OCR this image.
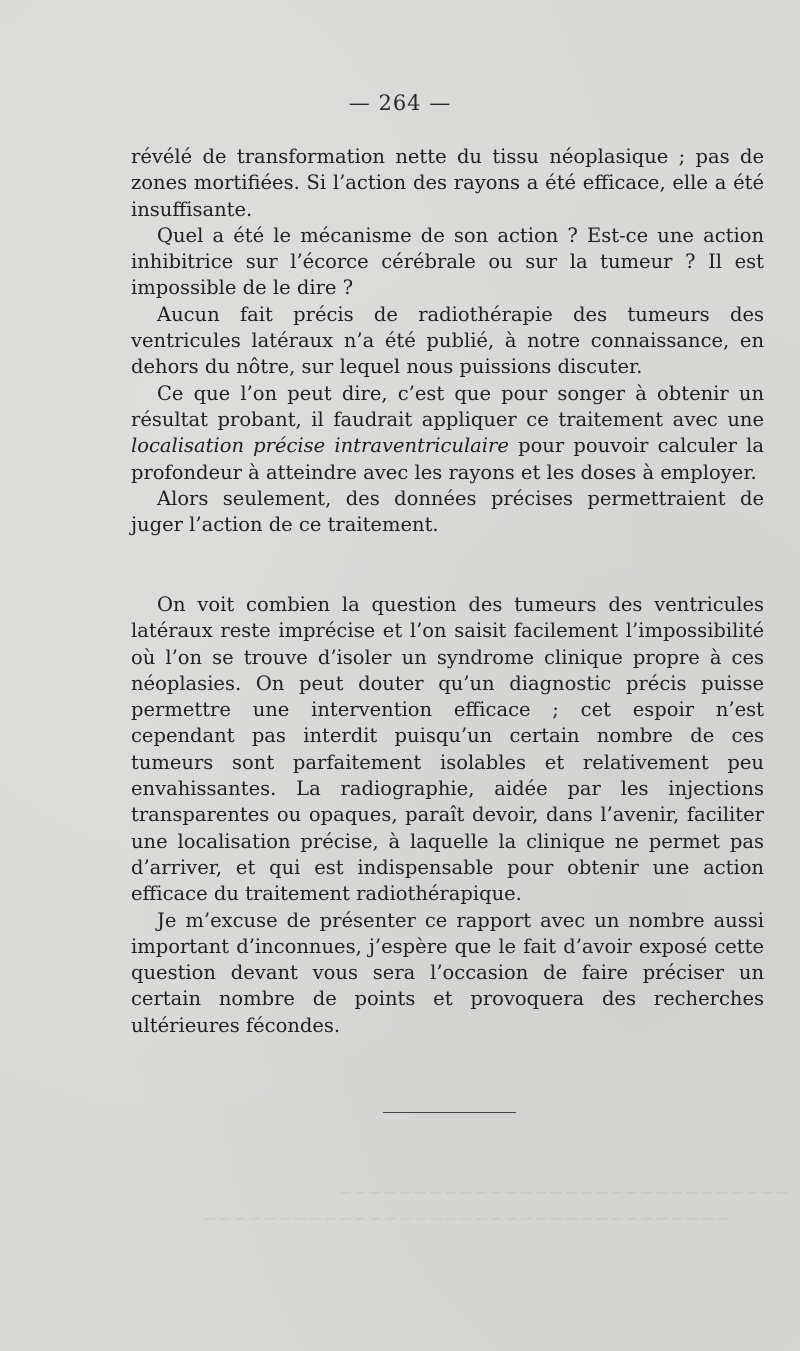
— 264 —

révélé de transformation nette du tissu néoplasique ; pas de zones mortifiées. Si l’action des rayons a été efficace, elle a été insuffisante.

Quel a été le mécanisme de son action ? Est-ce une action inhibitrice sur l’écorce cérébrale ou sur la tumeur ? Il est impossible de le dire ?

Aucun fait précis de radiothérapie des tumeurs des ventricules latéraux n’a été publié, à notre connaissance, en dehors du nôtre, sur lequel nous puissions discuter.

Ce que l’on peut dire, c’est que pour songer à obtenir un résultat probant, il faudrait appliquer ce traitement avec une localisation précise intraventriculaire pour pouvoir calculer la profondeur à atteindre avec les rayons et les doses à employer.

Alors seulement, des données précises permettraient de juger l’action de ce traitement.

On voit combien la question des tumeurs des ventricules latéraux reste imprécise et l’on saisit facilement l’impossibilité où l’on se trouve d’isoler un syndrome clinique propre à ces néoplasies. On peut douter qu’un diagnostic précis puisse permettre une intervention efficace ; cet espoir n’est cependant pas interdit puisqu’un certain nombre de ces tumeurs sont parfaitement isolables et relativement peu envahissantes. La radiographie, aidée par les injections transparentes ou opaques, paraît devoir, dans l’avenir, faciliter une localisation précise, à laquelle la clinique ne permet pas d’arriver, et qui est indispensable pour obtenir une action efficace du traitement radiothérapique.

Je m’excuse de présenter ce rapport avec un nombre aussi important d’inconnues, j’espère que le fait d’avoir exposé cette question devant vous sera l’occasion de faire préciser un certain nombre de points et provoquera des recherches ultérieures fécondes.

~~~~~~~~~~~~~~~~~~~~~~~~~~~~~~
~~~~~~~~~~~~~~~~~~~~~~~~~~~~~~~~~~~
